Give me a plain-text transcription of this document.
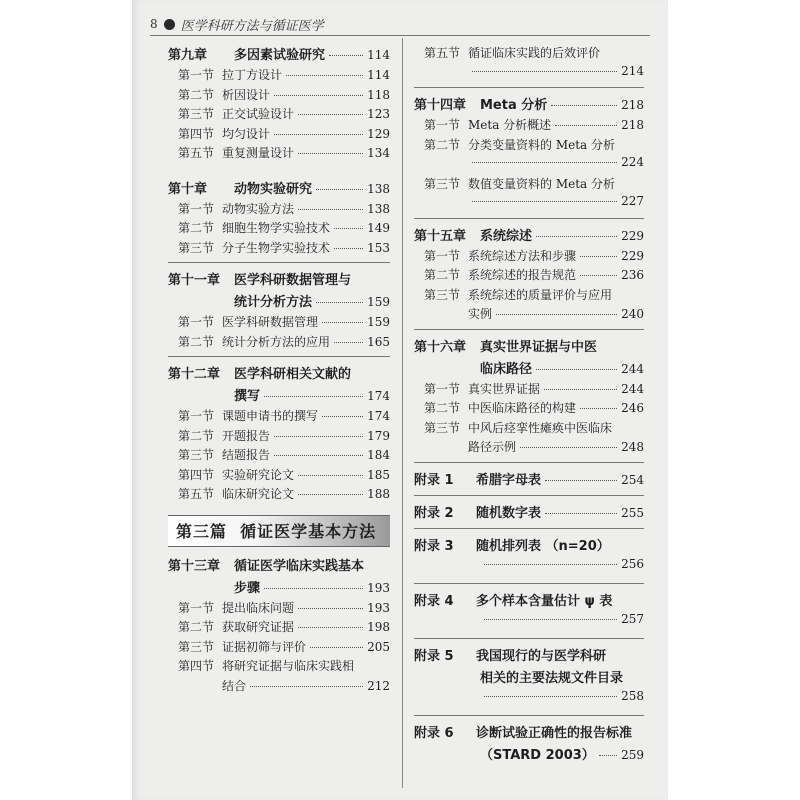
8 医学科研方法与循证医学
第九章	多因素试验研究	114
第一节 拉丁方设计	114
第二节 析因设计	118
第三节 正交试验设计	123
第四节 均匀设计	129
第五节 重复测量设计	134
第十章	动物实验研究	138
第一节 动物实验方法	138
第二节 细胞生物学实验技术	149
第三节 分子生物学实验技术	153
第十一章	医学科研数据管理与
统计分析方法	159
第一节 医学科研数据管理	159
第二节 统计分析方法的应用	165
第十二章	医学科研相关文献的
撰写	174
第一节 课题申请书的撰写	174
第二节 开题报告	179
第三节 结题报告	184
第四节 实验研究论文	185
第五节 临床研究论文	188
第三篇
循证医学基本方法
第十三章	循证医学临床实践基本
步骤	193
第一节 提出临床问题	193
第二节 获取研究证据	198
第三节 证据初筛与评价	205
第四节 将研究证据与临床实践相
结合	212
第五节 循证临床实践的后效评价
214
第十四章	Meta 分析	218
第一节 Meta 分析概述	218
第二节 分类变量资料的 Meta 分析
224
第三节 数值变量资料的 Meta 分析
227
第十五章	系统综述	229
第一节 系统综述方法和步骤	229
第二节 系统综述的报告规范	236
第三节 系统综述的质量评价与应用
实例	240
第十六章	真实世界证据与中医
临床路径	244
第一节 真实世界证据	244
第二节 中医临床路径的构建	246
第三节 中风后痉挛性瘫痪中医临床
路径示例	248
附录 1	希腊字母表	254
附录 2	随机数字表	255
附录 3	随机排列表 （n=20）
256
附录 4	多个样本含量估计 ψ 表
257
附录 5	我国现行的与医学科研
相关的主要法规文件目录
258
附录 6	诊断试验正确性的报告标准
（STARD 2003） 259
